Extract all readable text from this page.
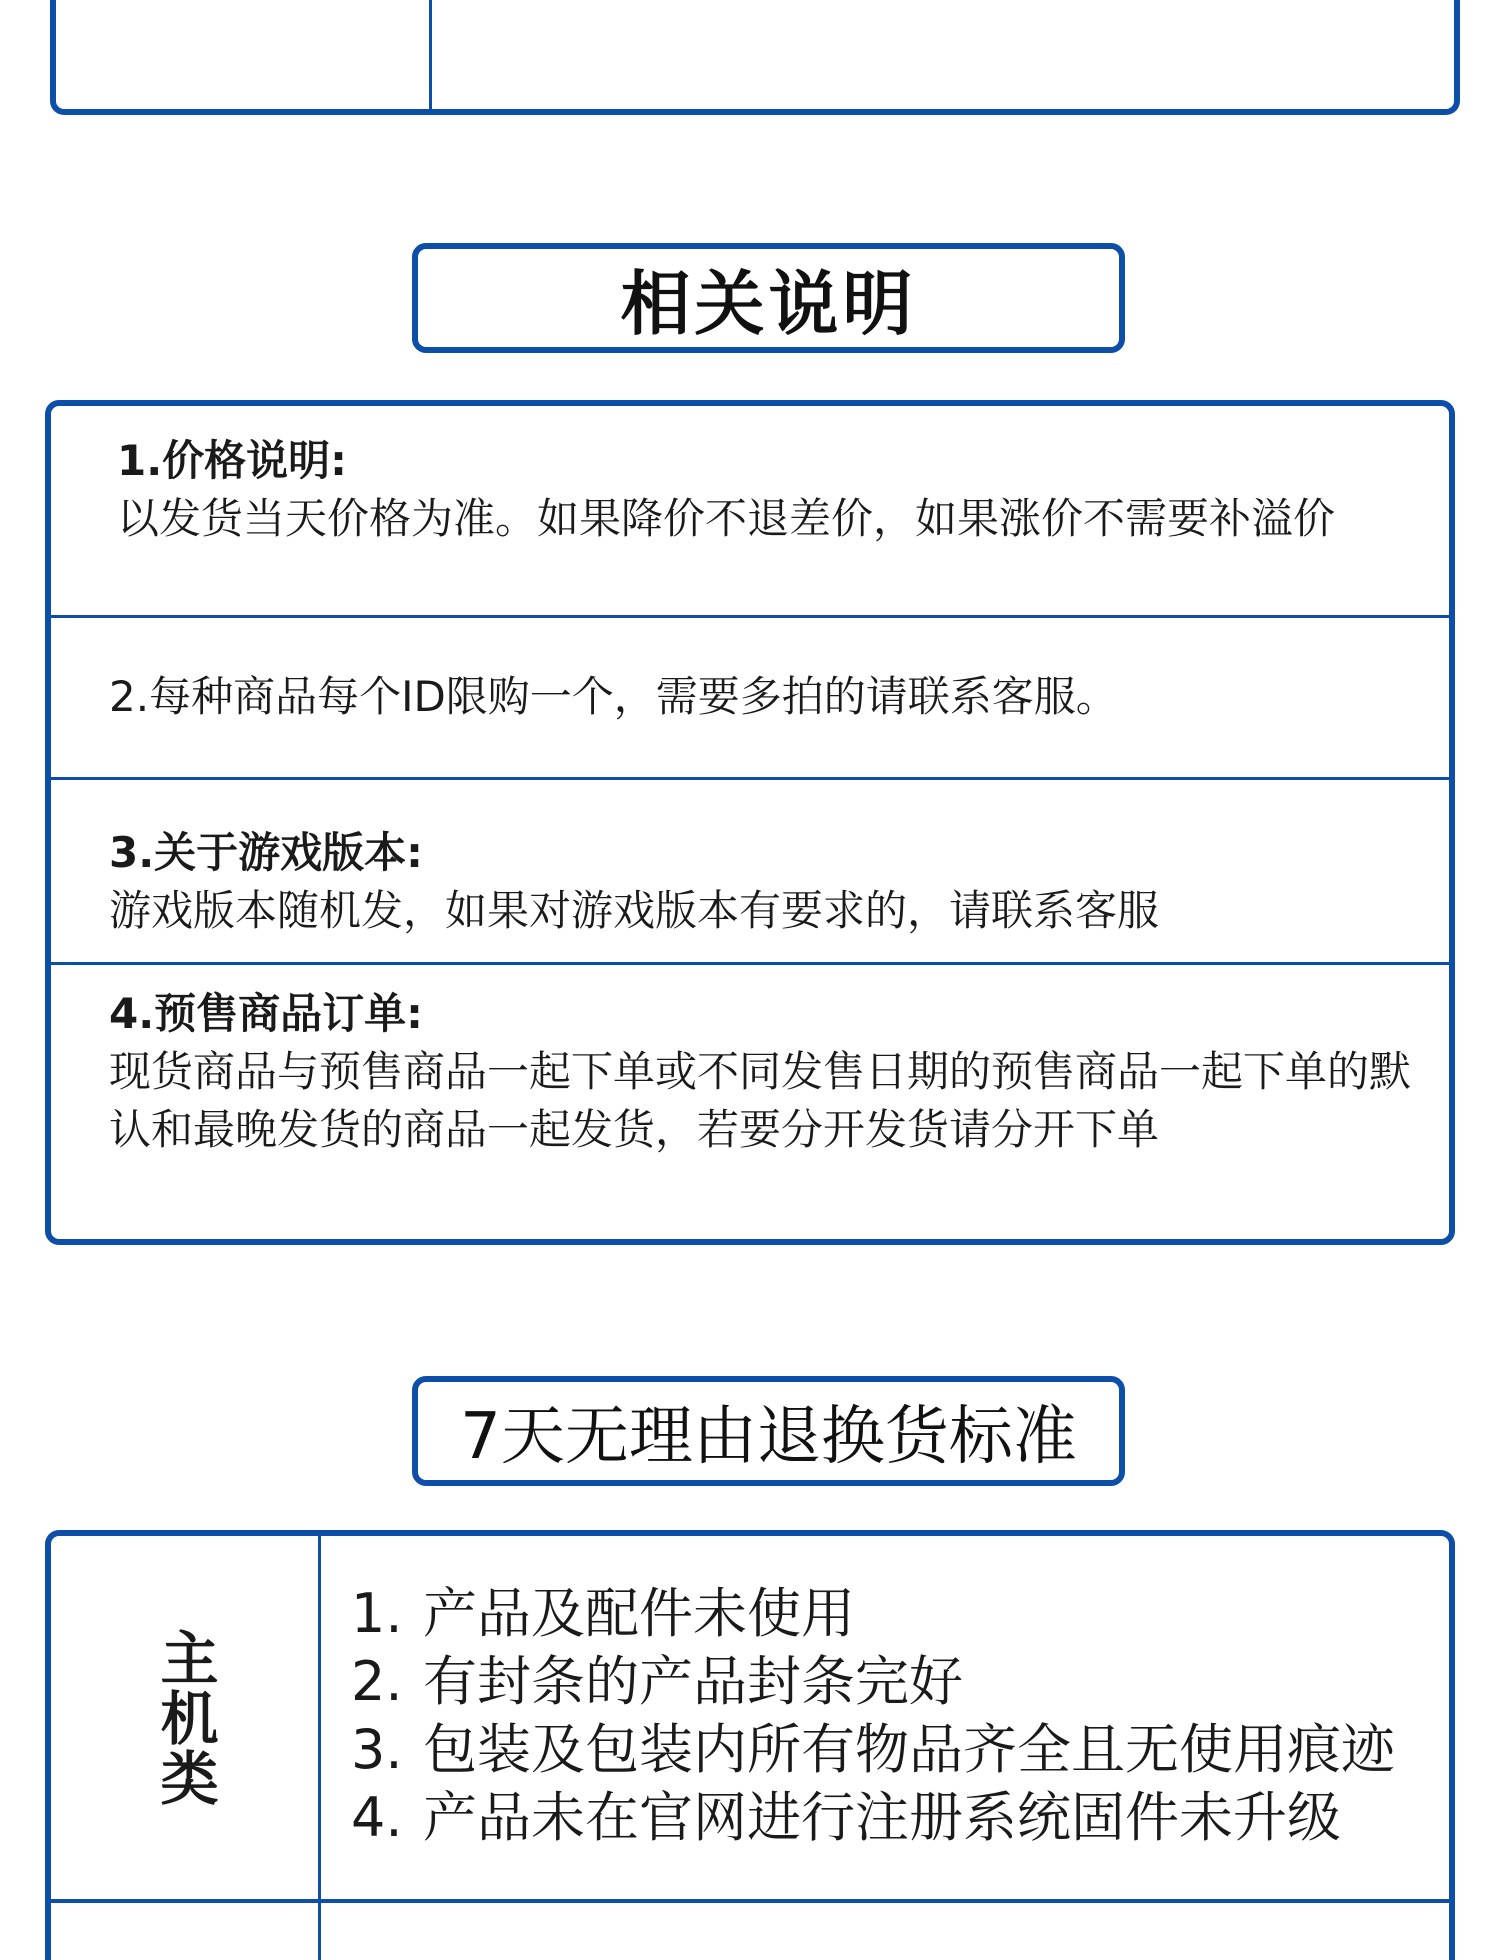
相关说明
1.价格说明:
以发货当天价格为准。如果降价不退差价，如果涨价不需要补溢价
2.每种商品每个ID限购一个，需要多拍的请联系客服。
3.关于游戏版本:
游戏版本随机发，如果对游戏版本有要求的，请联系客服
4.预售商品订单:
现货商品与预售商品一起下单或不同发售日期的预售商品一起下单的默认和最晚发货的商品一起发货，若要分开发货请分开下单
7天无理由退换货标准
主机类
1. 产品及配件未使用
2. 有封条的产品封条完好
3. 包装及包装内所有物品齐全且无使用痕迹
4. 产品未在官网进行注册系统固件未升级
